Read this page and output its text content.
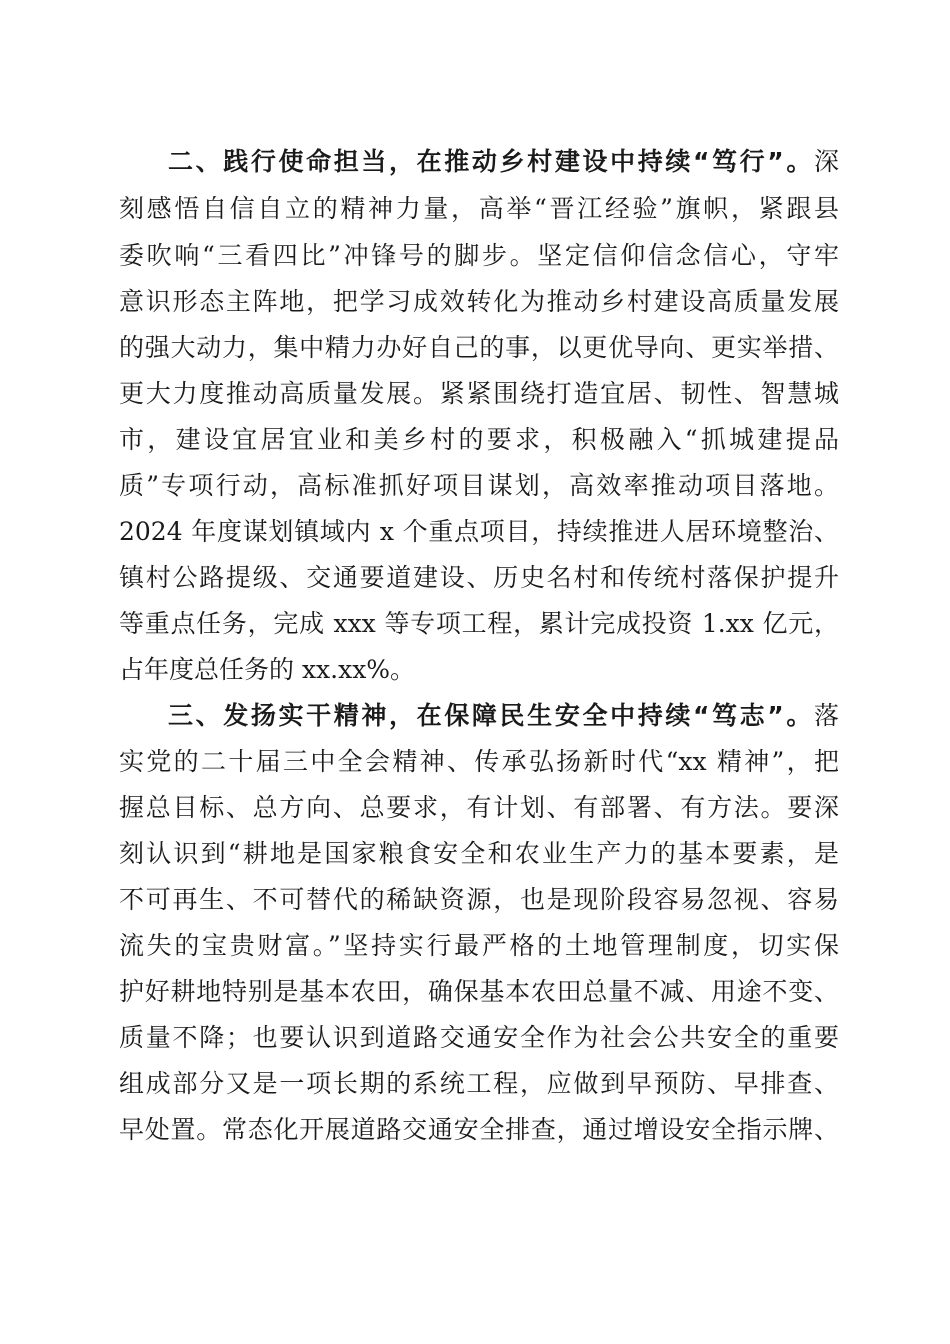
二、践行使命担当，在推动乡村建设中持续“笃行”。深
刻感悟自信自立的精神力量，高举“晋江经验”旗帜，紧跟县
委吹响“三看四比”冲锋号的脚步。坚定信仰信念信心，守牢
意识形态主阵地，把学习成效转化为推动乡村建设高质量发展
的强大动力，集中精力办好自己的事，以更优导向、更实举措、
更大力度推动高质量发展。紧紧围绕打造宜居、韧性、智慧城
市，建设宜居宜业和美乡村的要求，积极融入“抓城建提品
质”专项行动，高标准抓好项目谋划，高效率推动项目落地。
2024 年度谋划镇域内 x 个重点项目，持续推进人居环境整治、
镇村公路提级、交通要道建设、历史名村和传统村落保护提升
等重点任务，完成 xxx 等专项工程，累计完成投资 1.xx 亿元，
占年度总任务的 xx.xx%。
三、发扬实干精神，在保障民生安全中持续“笃志”。落
实党的二十届三中全会精神、传承弘扬新时代“xx 精神”，把
握总目标、总方向、总要求，有计划、有部署、有方法。要深
刻认识到“耕地是国家粮食安全和农业生产力的基本要素，是
不可再生、不可替代的稀缺资源，也是现阶段容易忽视、容易
流失的宝贵财富。”坚持实行最严格的土地管理制度，切实保
护好耕地特别是基本农田，确保基本农田总量不减、用途不变、
质量不降；也要认识到道路交通安全作为社会公共安全的重要
组成部分又是一项长期的系统工程，应做到早预防、早排查、
早处置。常态化开展道路交通安全排查，通过增设安全指示牌、
